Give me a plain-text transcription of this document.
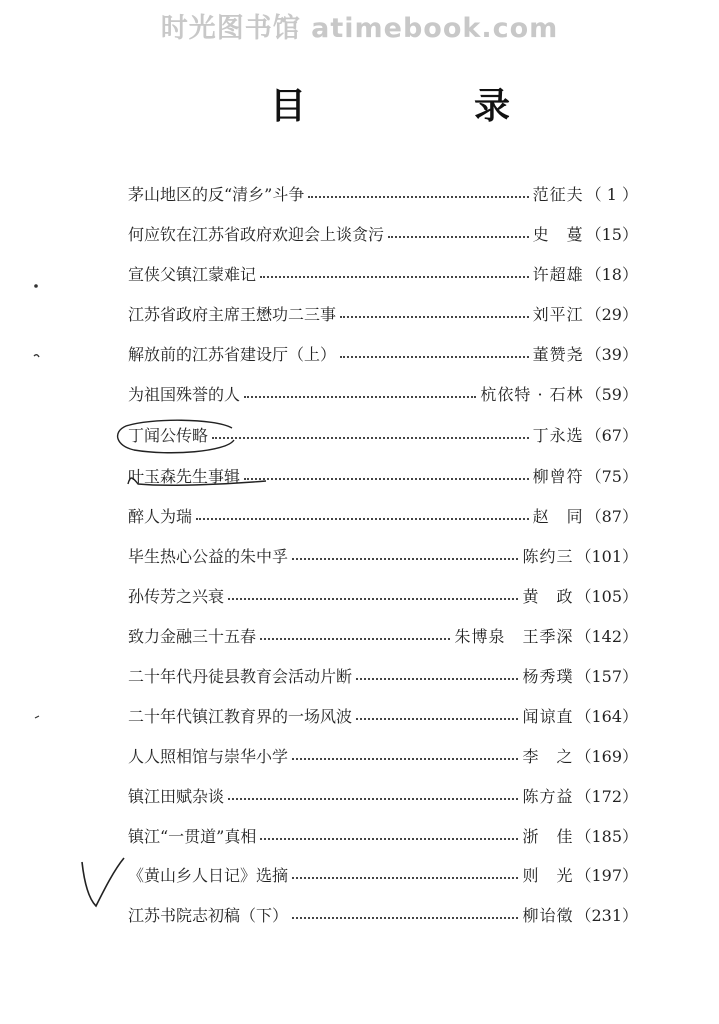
时光图书馆 atimebook.com
目	录
茅山地区的反“清乡”斗争	范征夫 （ 1 ）
何应钦在江苏省政府欢迎会上谈贪污	史　蔓 （15）
宣侠父镇江蒙难记	许超雄 （18）
江苏省政府主席王懋功二三事	刘平江 （29）
解放前的江苏省建设厅（上）	董赞尧 （39）
为祖国殊誉的人	杭依特 · 石林 （59）
丁闻公传略	丁永选 （67）
叶玉森先生事辑	柳曾符 （75）
醉人为瑞	赵　同 （87）
毕生热心公益的朱中孚	陈约三 （101）
孙传芳之兴衰	黄　政 （105）
致力金融三十五春	朱博泉　王季深 （142）
二十年代丹徒县教育会活动片断	杨秀璞 （157）
二十年代镇江教育界的一场风波	闻谅直 （164）
人人照相馆与崇华小学	李　之 （169）
镇江田赋杂谈	陈方益 （172）
镇江“一贯道”真相	浙　佳 （185）
《黄山乡人日记》选摘	则　光 （197）
江苏书院志初稿（下）	柳诒徵 （231）
